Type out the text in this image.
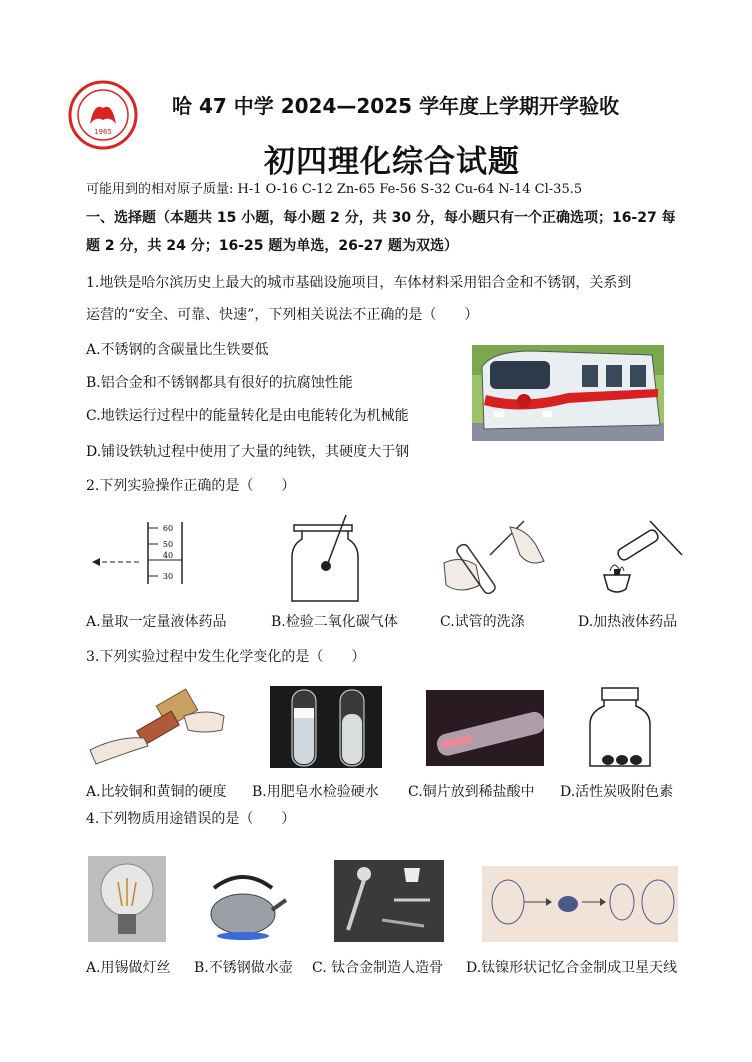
1965
哈 47 中学 2024—2025 学年度上学期开学验收
初四理化综合试题
可能用到的相对原子质量: H-1 O-16 C-12 Zn-65 Fe-56 S-32 Cu-64 N-14 Cl-35.5
一、选择题（本题共 15 小题，每小题 2 分，共 30 分，每小题只有一个正确选项；16-27 每
题 2 分，共 24 分；16-25 题为单选，26-27 题为双选）
1.地铁是哈尔滨历史上最大的城市基础设施项目，车体材料采用铝合金和不锈钢，关系到
运营的“安全、可靠、快速”，下列相关说法不正确的是（　　）
A.不锈钢的含碳量比生铁要低
B.铝合金和不锈钢都具有很好的抗腐蚀性能
C.地铁运行过程中的能量转化是由电能转化为机械能
D.铺设铁轨过程中使用了大量的纯铁，其硬度大于钢
2.下列实验操作正确的是（　　）
60
50
40
30
A.量取一定量液体药品	B.检验二氧化碳气体	C.试管的洗涤	D.加热液体药品
3.下列实验过程中发生化学变化的是（　　）
A.比较铜和黄铜的硬度 B.用肥皂水检验硬水 C.铜片放到稀盐酸中 D.活性炭吸附色素
4.下列物质用途错误的是（　　）
A.用锡做灯丝 B.不锈钢做水壶 C. 钛合金制造人造骨 D.钛镍形状记忆合金制成卫星天线
